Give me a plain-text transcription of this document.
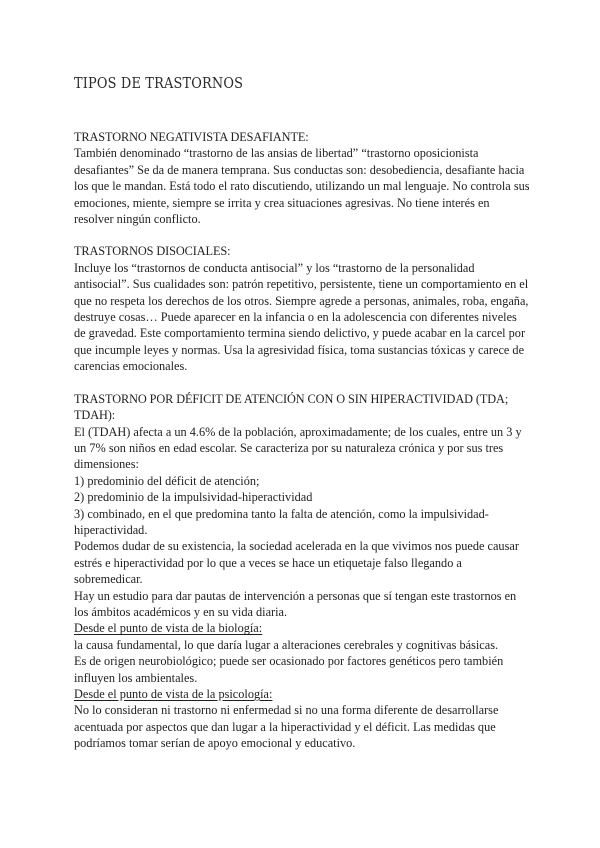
TIPOS DE TRASTORNOS

TRASTORNO NEGATIVISTA DESAFIANTE:

También denominado “trastorno de las ansias de libertad” “trastorno oposicionista desafiantes” Se da de manera temprana. Sus conductas son: desobediencia, desafiante hacia los que le mandan. Está todo el rato discutiendo, utilizando un mal lenguaje. No controla sus emociones, miente, siempre se irrita y crea situaciones agresivas. No tiene interés en resolver ningún conflicto.

TRASTORNOS DISOCIALES:

Incluye los “trastornos de conducta antisocial” y los “trastorno de la personalidad antisocial”. Sus cualidades son: patrón repetitivo, persistente, tiene un comportamiento en el que no respeta los derechos de los otros. Siempre agrede a personas, animales, roba, engaña, destruye cosas… Puede aparecer en la infancia o en la adolescencia con diferentes niveles de gravedad. Este comportamiento termina siendo delictivo, y puede acabar en la carcel por que incumple leyes y normas. Usa la agresividad física, toma sustancias tóxicas y carece de carencias emocionales.

TRASTORNO POR DÉFICIT DE ATENCIÓN CON O SIN HIPERACTIVIDAD (TDA; TDAH):

El (TDAH) afecta a un 4.6% de la población, aproximadamente; de los cuales, entre un 3 y un 7% son niños en edad escolar. Se caracteriza por su naturaleza crónica y por sus tres dimensiones:

1) predominio del déficit de atención;

2) predominio de la impulsividad-hiperactividad

3) combinado, en el que predomina tanto la falta de atención, como la impulsividad-hiperactividad.

Podemos dudar de su existencia, la sociedad acelerada en la que vivimos nos puede causar estrés e hiperactividad por lo que a veces se hace un etiquetaje falso llegando a sobremedicar.

Hay un estudio para dar pautas de intervención a personas que sí tengan este trastornos en los ámbitos académicos y en su vida diaria.

Desde el punto de vista de la biología:

la causa fundamental, lo que daría lugar a alteraciones cerebrales y cognitivas básicas.

Es de origen neurobiológico; puede ser ocasionado por factores genéticos pero también influyen los ambientales.

Desde el punto de vista de la psicología:

No lo consideran ni trastorno ni enfermedad si no una forma diferente de desarrollarse acentuada por aspectos que dan lugar a la hiperactividad y el déficit. Las medidas que podríamos tomar serían de apoyo emocional y educativo.
